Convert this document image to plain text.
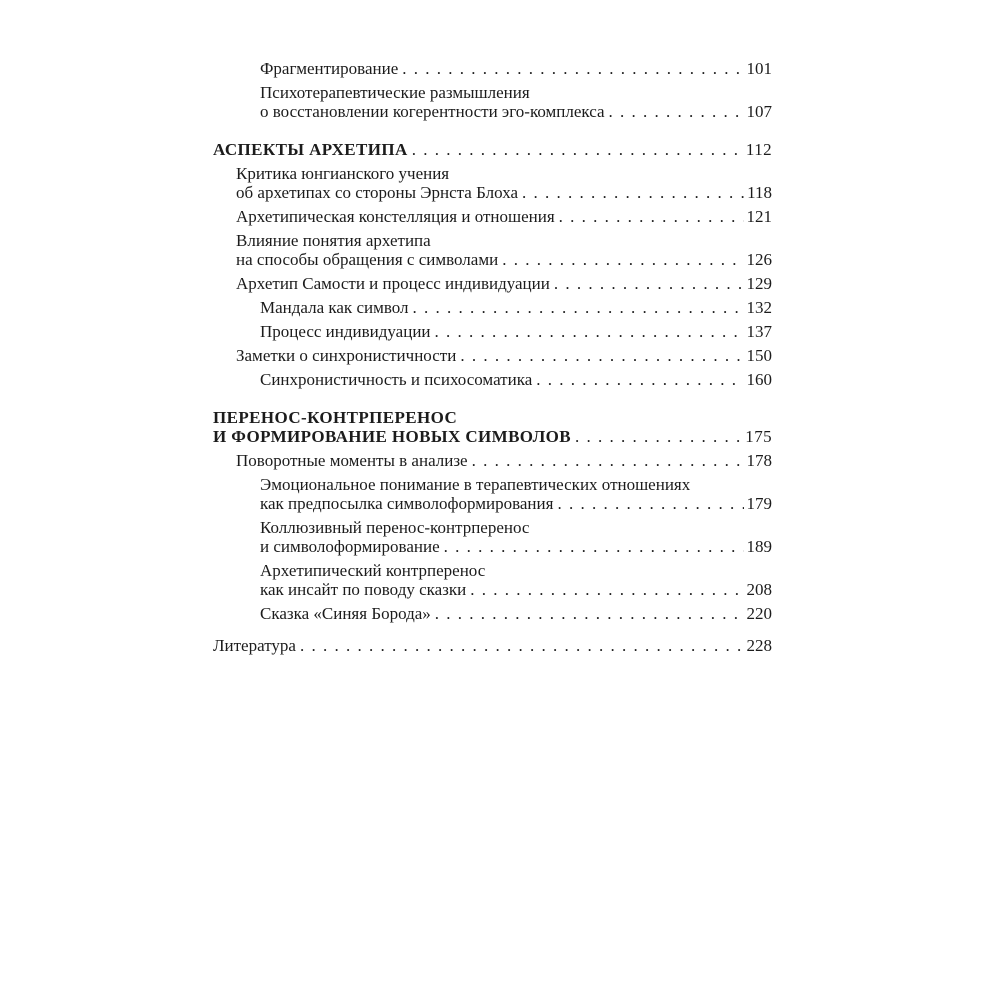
Фрагментирование . . .	101
Психотерапевтические размышления
о восстановлении когерентности эго-комплекса . . .	107
АСПЕКТЫ АРХЕТИПА . . .	112
Критика юнгианского учения
об архетипах со стороны Эрнста Блоха . . .	118
Архетипическая констелляция и отношения . . .	121
Влияние понятия архетипа
на способы обращения с символами . . .	126
Архетип Самости и процесс индивидуации . . .	129
Мандала как символ . . .	132
Процесс индивидуации . . .	137
Заметки о синхронистичности . . .	150
Синхронистичность и психосоматика . . .	160
ПЕРЕНОС-КОНТРПЕРЕНОС
И ФОРМИРОВАНИЕ НОВЫХ СИМВОЛОВ . . .	175
Поворотные моменты в анализе . . .	178
Эмоциональное понимание в терапевтических отношениях
как предпосылка символоформирования . . .	179
Коллюзивный перенос-контрперенос
и символоформирование . . .	189
Архетипический контрперенос
как инсайт по поводу сказки . . .	208
Сказка «Синяя Борода» . . .	220
Литература . . .	228
